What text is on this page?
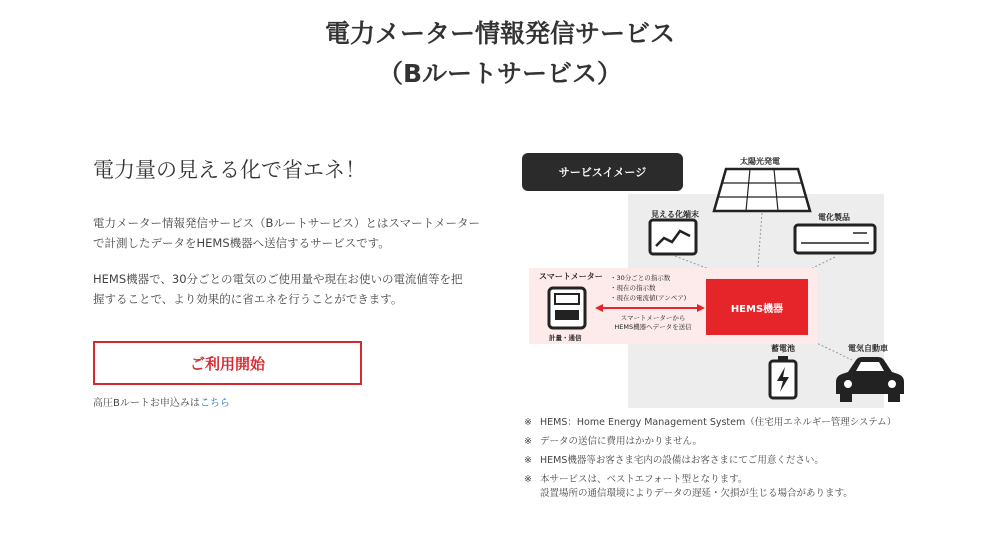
電力メーター情報発信サービス
（Bルートサービス）
電力量の見える化で省エネ！
電力メーター情報発信サービス（Bルートサービス）とはスマートメーター
で計測したデータをHEMS機器へ送信するサービスです。
HEMS機器で、30分ごとの電気のご使用量や現在お使いの電流値等を把
握することで、より効果的に省エネを行うことができます。
ご利用開始
高圧Bルートお申込みはこちら
サービスイメージ
太陽光発電
見える化端末	電化製品
スマートメーター
計量・通信
・30分ごとの指示数
・現在の指示数
・現在の電流値(アンペア)
スマートメーターから
HEMS機器へデータを送信
HEMS機器
蓄電池	電気自動車
※ HEMS：Home Energy Management System（住宅用エネルギー管理システム）
※ データの送信に費用はかかりません。
※ HEMS機器等お客さま宅内の設備はお客さまにてご用意ください。
※ 本サービスは、ベストエフォート型となります。
設置場所の通信環境によりデータの遅延・欠損が生じる場合があります。
